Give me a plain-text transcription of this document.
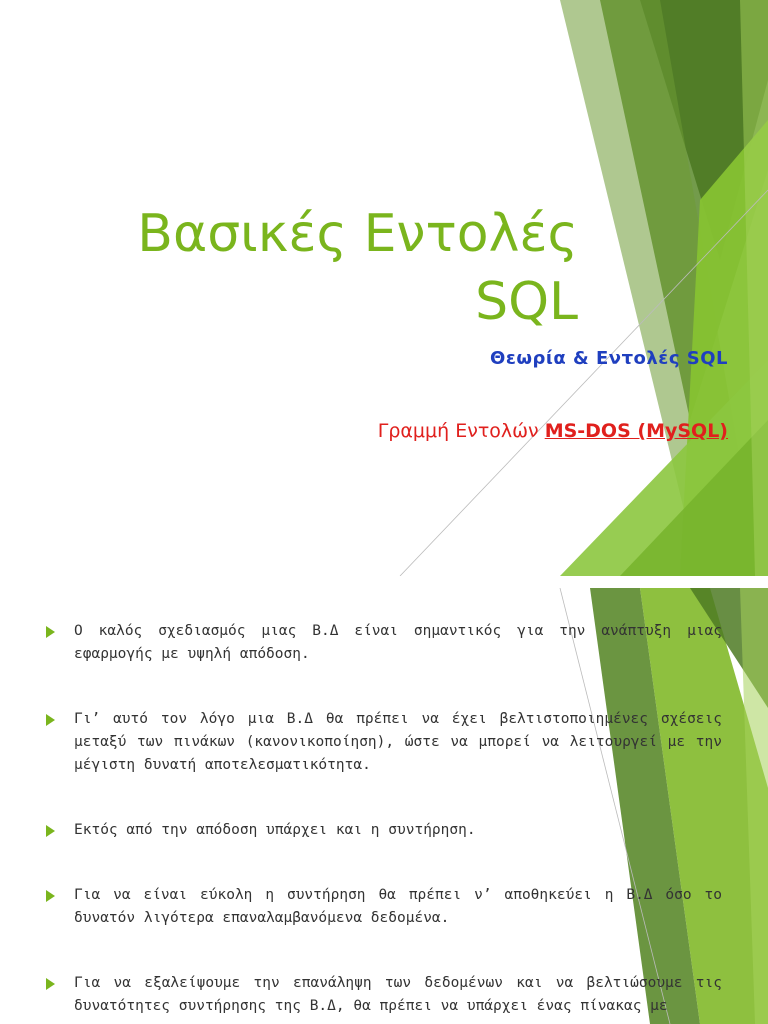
Βασικές Εντολές
SQL
Θεωρία & Εντολές SQL
Γραμμή Εντολών MS-DOS (MySQL)
Ο καλός σχεδιασμός μιας Β.Δ είναι σημαντικός για την ανάπτυξη μιας εφαρμογής με υψηλή απόδοση.
Γι’ αυτό τον λόγο μια Β.Δ θα πρέπει να έχει βελτιστοποιημένες σχέσεις μεταξύ των πινάκων (κανονικοποίηση), ώστε να μπορεί να λειτουργεί με την μέγιστη δυνατή αποτελεσματικότητα.
Εκτός από την απόδοση υπάρχει και η συντήρηση.
Για να είναι εύκολη η συντήρηση θα πρέπει ν’ αποθηκεύει η Β.Δ όσο το δυνατόν λιγότερα επαναλαμβανόμενα δεδομένα.
Για να εξαλείψουμε την επανάληψη των δεδομένων και να βελτιώσουμε τις δυνατότητες συντήρησης της Β.Δ, θα πρέπει να υπάρχει ένας πίνακας με
